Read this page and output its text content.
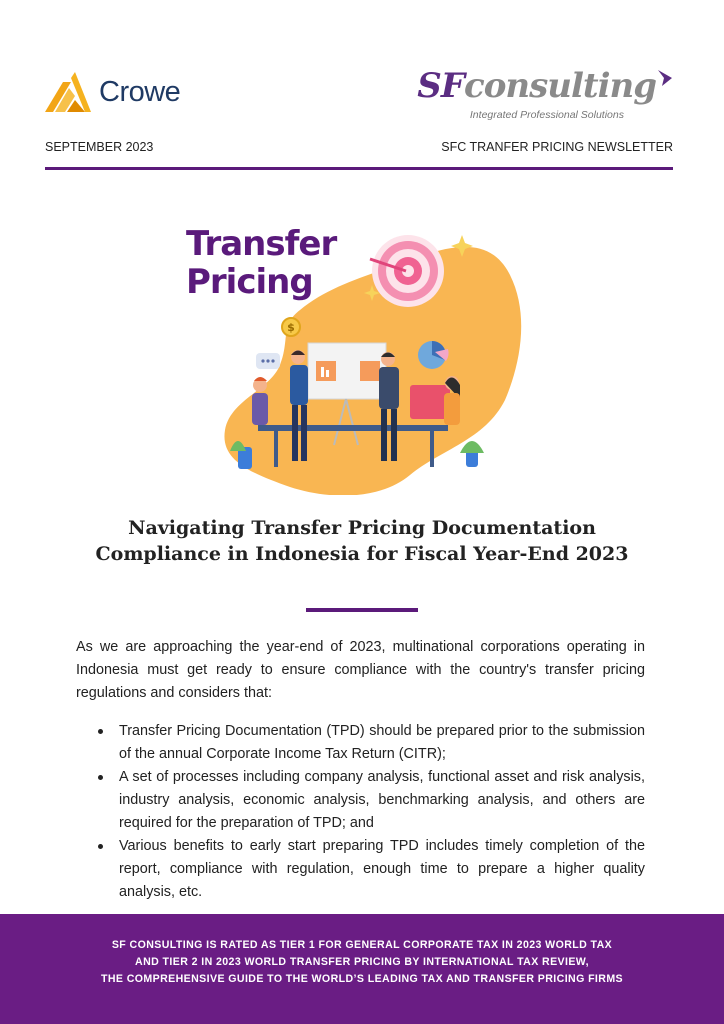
Crowe	SFconsulting
Integrated Professional Solutions
SEPTEMBER 2023	SFC TRANFER PRICING NEWSLETTER
$
Transfer
Pricing
Navigating Transfer Pricing Documentation Compliance in Indonesia for Fiscal Year-End 2023

As we are approaching the year-end of 2023, multinational corporations operating in Indonesia must get ready to ensure compliance with the country's transfer pricing regulations and considers that:

Transfer Pricing Documentation (TPD) should be prepared prior to the submission of the annual Corporate Income Tax Return (CITR);
A set of processes including company analysis, functional asset and risk analysis, industry analysis, economic analysis, benchmarking analysis, and others are required for the preparation of TPD; and
Various benefits to early start preparing TPD includes timely completion of the report, compliance with regulation, enough time to prepare a higher quality analysis, etc.
SF CONSULTING IS RATED AS TIER 1 FOR GENERAL CORPORATE TAX IN 2023 WORLD TAX
AND TIER 2 IN 2023 WORLD TRANSFER PRICING BY INTERNATIONAL TAX REVIEW,
THE COMPREHENSIVE GUIDE TO THE WORLD’S LEADING TAX AND TRANSFER PRICING FIRMS
